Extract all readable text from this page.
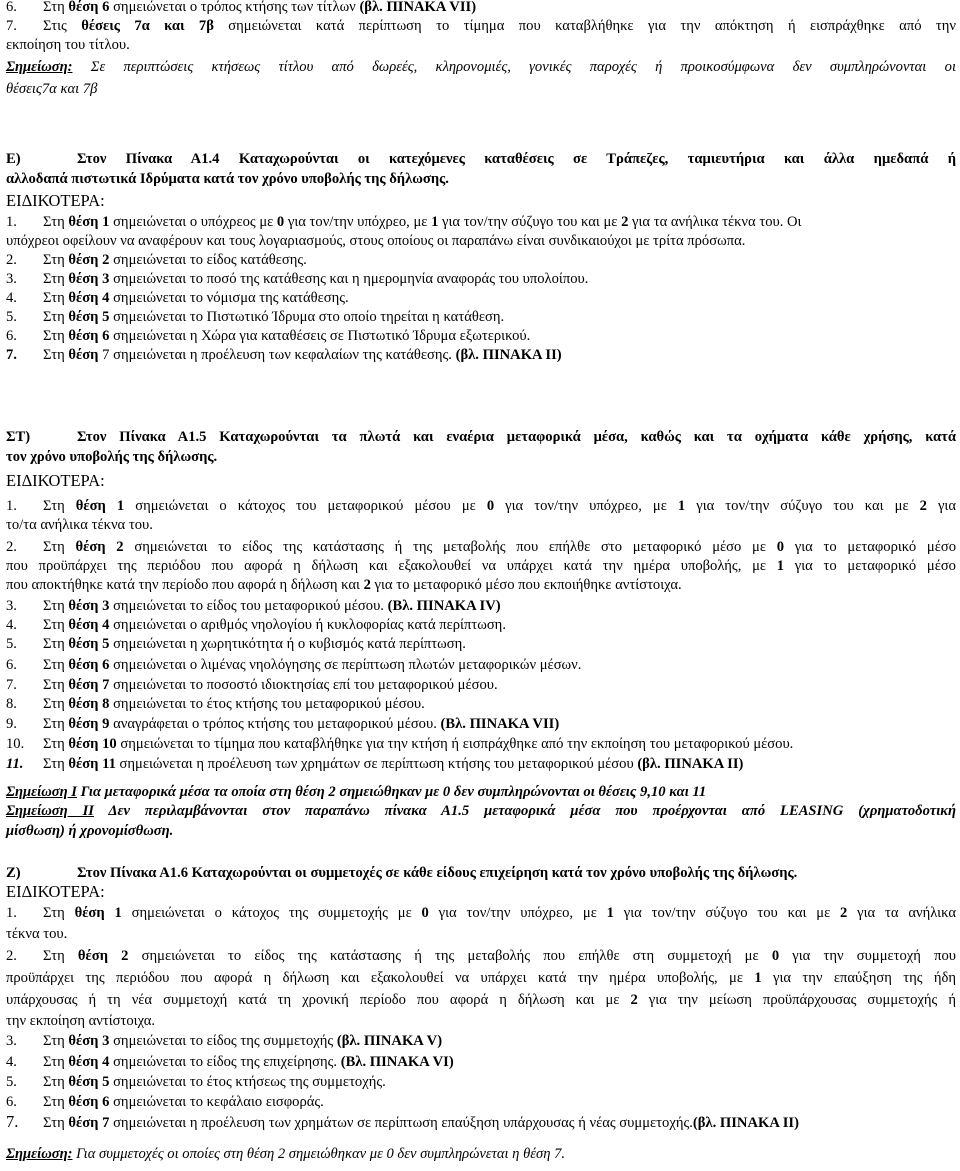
6. Στη θέση 6 σημειώνεται ο τρόπος κτήσης των τίτλων (βλ. ΠΙΝΑΚΑ VII)
7. Στις θέσεις 7α και 7β σημειώνεται κατά περίπτωση το τίμημα που καταβλήθηκε για την απόκτηση ή εισπράχθηκε από την
εκποίηση του τίτλου.
Σημείωση: Σε περιπτώσεις κτήσεως τίτλου από δωρεές, κληρονομιές, γονικές παροχές ή προικοσύμφωνα δεν συμπληρώνονται οι
θέσεις7α και 7β
Ε)	Στον Πίνακα Α1.4 Καταχωρούνται οι κατεχόμενες καταθέσεις σε Τράπεζες, ταμιευτήρια και άλλα ημεδαπά ή
αλλοδαπά πιστωτικά Ιδρύματα κατά τον χρόνο υποβολής της δήλωσης.
ΕΙΔΙΚΟΤΕΡΑ:
1. Στη θέση 1 σημειώνεται ο υπόχρεος με 0 για τον/την υπόχρεο, με 1 για τον/την σύζυγο του και με 2 για τα ανήλικα τέκνα του. Οι
υπόχρεοι οφείλουν να αναφέρουν και τους λογαριασμούς, στους οποίους οι παραπάνω είναι συνδικαιούχοι με τρίτα πρόσωπα.
2. Στη θέση 2 σημειώνεται το είδος κατάθεσης.
3. Στη θέση 3 σημειώνεται το ποσό της κατάθεσης και η ημερομηνία αναφοράς του υπολοίπου.
4. Στη θέση 4 σημειώνεται το νόμισμα της κατάθεσης.
5. Στη θέση 5 σημειώνεται το Πιστωτικό Ίδρυμα στο οποίο τηρείται η κατάθεση.
6. Στη θέση 6 σημειώνεται η Χώρα για καταθέσεις σε Πιστωτικό Ίδρυμα εξωτερικού.
7. Στη θέση 7 σημειώνεται η προέλευση των κεφαλαίων της κατάθεσης. (βλ. ΠΙΝΑΚΑ ΙΙ)
ΣΤ)	Στον Πίνακα Α1.5 Καταχωρούνται τα πλωτά και εναέρια μεταφορικά μέσα, καθώς και τα οχήματα κάθε χρήσης, κατά
τον χρόνο υποβολής της δήλωσης.
ΕΙΔΙΚΟΤΕΡΑ:
1. Στη θέση 1 σημειώνεται ο κάτοχος του μεταφορικού μέσου με 0 για τον/την υπόχρεο, με 1 για τον/την σύζυγο του και με 2 για
το/τα ανήλικα τέκνα του.
2. Στη θέση 2 σημειώνεται το είδος της κατάστασης ή της μεταβολής που επήλθε στο μεταφορικό μέσο με 0 για το μεταφορικό μέσο
που προϋπάρχει της περιόδου που αφορά η δήλωση και εξακολουθεί να υπάρχει κατά την ημέρα υποβολής, με 1 για το μεταφορικό μέσο
που αποκτήθηκε κατά την περίοδο που αφορά η δήλωση και 2 για το μεταφορικό μέσο που εκποιήθηκε αντίστοιχα.
3. Στη θέση 3 σημειώνεται το είδος του μεταφορικού μέσου. (Βλ. ΠΙΝΑΚΑ ΙV)
4. Στη θέση 4 σημειώνεται ο αριθμός νηολογίου ή κυκλοφορίας κατά περίπτωση.
5. Στη θέση 5 σημειώνεται η χωρητικότητα ή ο κυβισμός κατά περίπτωση.
6. Στη θέση 6 σημειώνεται ο λιμένας νηολόγησης σε περίπτωση πλωτών μεταφορικών μέσων.
7. Στη θέση 7 σημειώνεται το ποσοστό ιδιοκτησίας επί του μεταφορικού μέσου.
8. Στη θέση 8 σημειώνεται το έτος κτήσης του μεταφορικού μέσου.
9. Στη θέση 9 αναγράφεται ο τρόπος κτήσης του μεταφορικού μέσου. (Βλ. ΠΙΝΑΚΑ VII)
10. Στη θέση 10 σημειώνεται το τίμημα που καταβλήθηκε για την κτήση ή εισπράχθηκε από την εκποίηση του μεταφορικού μέσου.
11. Στη θέση 11 σημειώνεται η προέλευση των χρημάτων σε περίπτωση κτήσης του μεταφορικού μέσου (βλ. ΠΙΝΑΚΑ ΙΙ)
Σημείωση Ι Για μεταφορικά μέσα τα οποία στη θέση 2 σημειώθηκαν με 0 δεν συμπληρώνονται οι θέσεις 9,10 και 11
Σημείωση ΙΙ Δεν περιλαμβάνονται στον παραπάνω πίνακα Α1.5 μεταφορικά μέσα που προέρχονται από LEASING (χρηματοδοτική
μίσθωση) ή χρονομίσθωση.
Ζ)	Στον Πίνακα Α1.6 Καταχωρούνται οι συμμετοχές σε κάθε είδους επιχείρηση κατά τον χρόνο υποβολής της δήλωσης.
ΕΙΔΙΚΟΤΕΡΑ:
1. Στη θέση 1 σημειώνεται ο κάτοχος της συμμετοχής με 0 για τον/την υπόχρεο, με 1 για τον/την σύζυγο του και με 2 για τα ανήλικα
τέκνα του.
2. Στη θέση 2 σημειώνεται το είδος της κατάστασης ή της μεταβολής που επήλθε στη συμμετοχή με 0 για την συμμετοχή που
προϋπάρχει της περιόδου που αφορά η δήλωση και εξακολουθεί να υπάρχει κατά την ημέρα υποβολής, με 1 για την επαύξηση της ήδη
υπάρχουσας ή τη νέα συμμετοχή κατά τη χρονική περίοδο που αφορά η δήλωση και με 2 για την μείωση προϋπάρχουσας συμμετοχής ή
την εκποίηση αντίστοιχα.
3. Στη θέση 3 σημειώνεται το είδος της συμμετοχής (βλ. ΠΙΝΑΚΑ V)
4. Στη θέση 4 σημειώνεται το είδος της επιχείρησης. (Βλ. ΠΙΝΑΚΑ VI)
5. Στη θέση 5 σημειώνεται το έτος κτήσεως της συμμετοχής.
6. Στη θέση 6 σημειώνεται το κεφάλαιο εισφοράς.
7. Στη θέση 7 σημειώνεται η προέλευση των χρημάτων σε περίπτωση επαύξηση υπάρχουσας ή νέας συμμετοχής.(βλ. ΠΙΝΑΚΑ ΙΙ)
Σημείωση: Για συμμετοχές οι οποίες στη θέση 2 σημειώθηκαν με 0 δεν συμπληρώνεται η θέση 7.
